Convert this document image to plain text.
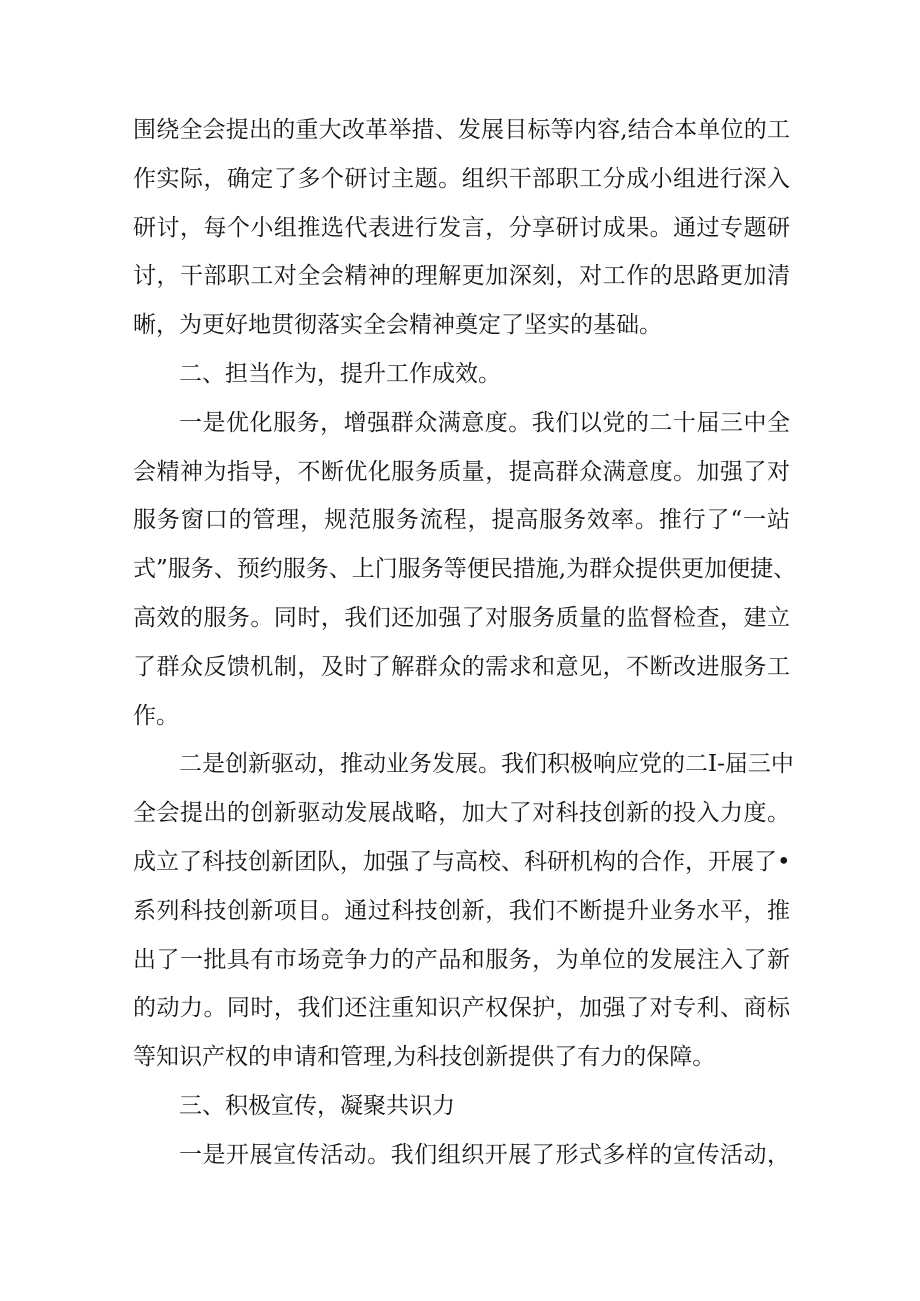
围绕全会提出的重大改革举措、发展目标等内容,结合本单位的工
作实际，确定了多个研讨主题。组织干部职工分成小组进行深入
研讨，每个小组推选代表进行发言，分享研讨成果。通过专题研
讨，干部职工对全会精神的理解更加深刻，对工作的思路更加清
晰，为更好地贯彻落实全会精神奠定了坚实的基础。
二、担当作为，提升工作成效。
一是优化服务，增强群众满意度。我们以党的二十届三中全
会精神为指导，不断优化服务质量，提高群众满意度。加强了对
服务窗口的管理，规范服务流程，提高服务效率。推行了“一站
式”服务、预约服务、上门服务等便民措施,为群众提供更加便捷、
高效的服务。同时，我们还加强了对服务质量的监督检查，建立
了群众反馈机制，及时了解群众的需求和意见，不断改进服务工
作。
二是创新驱动，推动业务发展。我们积极响应党的二I-届三中
全会提出的创新驱动发展战略，加大了对科技创新的投入力度。
成立了科技创新团队，加强了与高校、科研机构的合作，开展了•
系列科技创新项目。通过科技创新，我们不断提升业务水平，推
出了一批具有市场竞争力的产品和服务，为单位的发展注入了新
的动力。同时，我们还注重知识产权保护，加强了对专利、商标
等知识产权的申请和管理,为科技创新提供了有力的保障。
三、积极宣传，凝聚共识力
一是开展宣传活动。我们组织开展了形式多样的宣传活动，
